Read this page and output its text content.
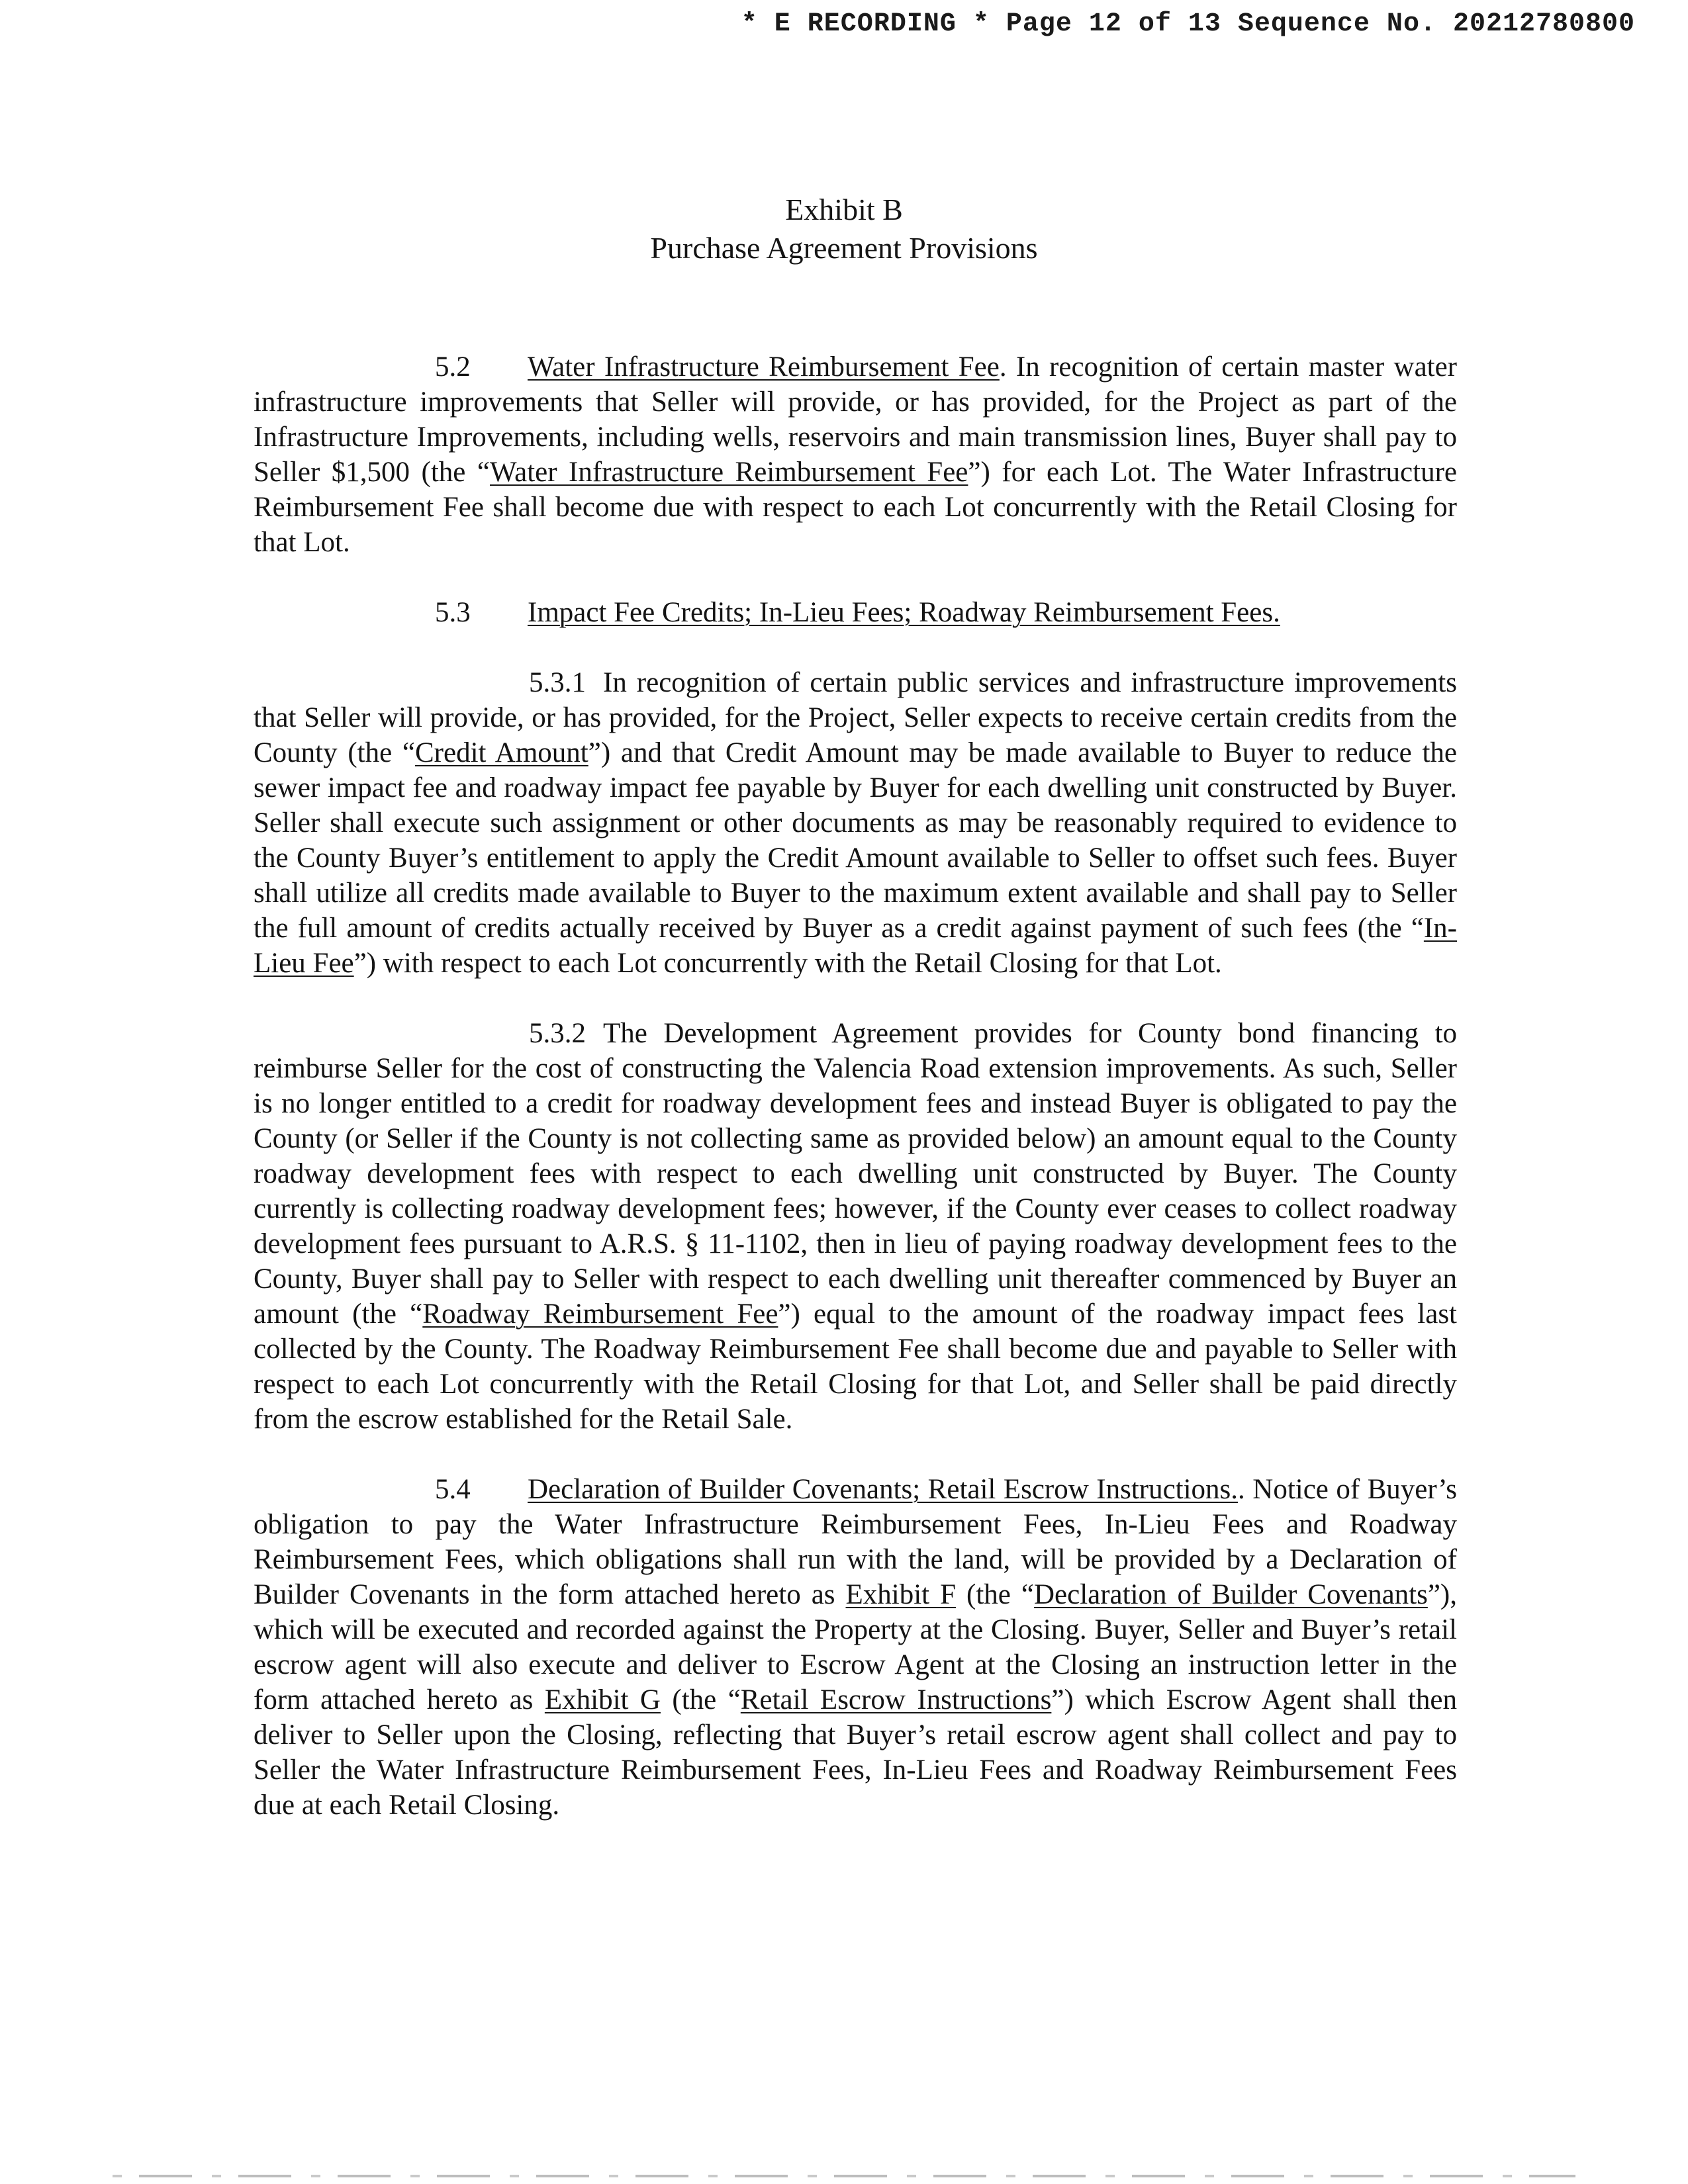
* E RECORDING * Page 12 of 13 Sequence No. 20212780800
Exhibit B
Purchase Agreement Provisions

5.2 Water Infrastructure Reimbursement Fee. In recognition of certain master water infrastructure improvements that Seller will provide, or has provided, for the Project as part of the Infrastructure Improvements, including wells, reservoirs and main transmission lines, Buyer shall pay to Seller $1,500 (the “Water Infrastructure Reimbursement Fee”) for each Lot. The Water Infrastructure Reimbursement Fee shall become due with respect to each Lot concurrently with the Retail Closing for that Lot.

5.3 Impact Fee Credits; In-Lieu Fees; Roadway Reimbursement Fees.

5.3.1 In recognition of certain public services and infrastructure improvements that Seller will provide, or has provided, for the Project, Seller expects to receive certain credits from the County (the “Credit Amount”) and that Credit Amount may be made available to Buyer to reduce the sewer impact fee and roadway impact fee payable by Buyer for each dwelling unit constructed by Buyer. Seller shall execute such assignment or other documents as may be reasonably required to evidence to the County Buyer’s entitlement to apply the Credit Amount available to Seller to offset such fees. Buyer shall utilize all credits made available to Buyer to the maximum extent available and shall pay to Seller the full amount of credits actually received by Buyer as a credit against payment of such fees (the “In-Lieu Fee”) with respect to each Lot concurrently with the Retail Closing for that Lot.

5.3.2 The Development Agreement provides for County bond financing to reimburse Seller for the cost of constructing the Valencia Road extension improvements. As such, Seller is no longer entitled to a credit for roadway development fees and instead Buyer is obligated to pay the County (or Seller if the County is not collecting same as provided below) an amount equal to the County roadway development fees with respect to each dwelling unit constructed by Buyer. The County currently is collecting roadway development fees; however, if the County ever ceases to collect roadway development fees pursuant to A.R.S. § 11-1102, then in lieu of paying roadway development fees to the County, Buyer shall pay to Seller with respect to each dwelling unit thereafter commenced by Buyer an amount (the “Roadway Reimbursement Fee”) equal to the amount of the roadway impact fees last collected by the County. The Roadway Reimbursement Fee shall become due and payable to Seller with respect to each Lot concurrently with the Retail Closing for that Lot, and Seller shall be paid directly from the escrow established for the Retail Sale.

5.4 Declaration of Builder Covenants; Retail Escrow Instructions.. Notice of Buyer’s obligation to pay the Water Infrastructure Reimbursement Fees, In-Lieu Fees and Roadway Reimbursement Fees, which obligations shall run with the land, will be provided by a Declaration of Builder Covenants in the form attached hereto as Exhibit F (the “Declaration of Builder Covenants”), which will be executed and recorded against the Property at the Closing. Buyer, Seller and Buyer’s retail escrow agent will also execute and deliver to Escrow Agent at the Closing an instruction letter in the form attached hereto as Exhibit G (the “Retail Escrow Instructions”) which Escrow Agent shall then deliver to Seller upon the Closing, reflecting that Buyer’s retail escrow agent shall collect and pay to Seller the Water Infrastructure Reimbursement Fees, In-Lieu Fees and Roadway Reimbursement Fees due at each Retail Closing.
